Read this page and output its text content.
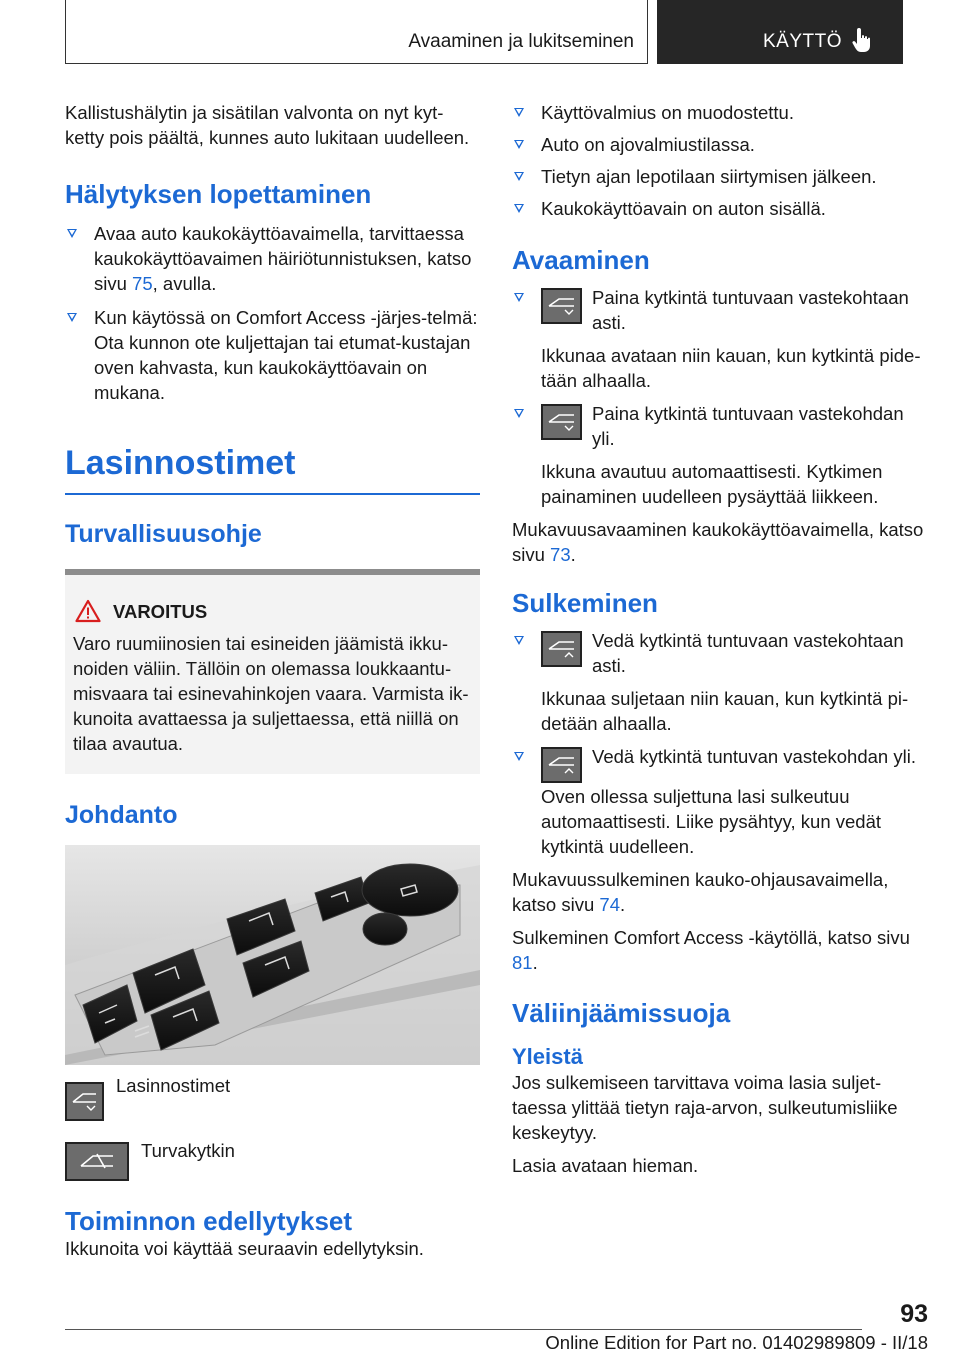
Avaaminen ja lukitseminen	KÄYTTÖ

Kallistushälytin ja sisätilan valvonta on nyt kyt-

ketty pois päältä, kunnes auto lukitaan uudelleen.

Hälytyksen lopettaminen

Avaa auto kaukokäyttöavaimella, tarvittaessa kaukokäyttöavaimen häiriötunnistuksen, katso sivu 75, avulla.
Kun käytössä on Comfort Access -järjes-telmä: Ota kunnon ote kuljettajan tai etumat-kustajan oven kahvasta, kun kaukokäyttöavain on mukana.

Lasinnostimet

Turvallisuusohje

VAROITUS

Varo ruumiinosien tai esineiden jäämistä ikku-noiden väliin. Tällöin on olemassa loukkaantu-misvaara tai esinevahinkojen vaara. Varmista ik-kunoita avattaessa ja suljettaessa, että niillä on tilaa avautua.

Johdanto

Lasinnostimet
Turvakytkin

Toiminnon edellytykset

Ikkunoita voi käyttää seuraavin edellytyksin.

Käyttövalmius on muodostettu.
Auto on ajovalmiustilassa.
Tietyn ajan lepotilaan siirtymisen jälkeen.
Kaukokäyttöavain on auton sisällä.

Avaaminen

Paina kytkintä tuntuvaan vastekohtaan asti.

Ikkunaa avataan niin kauan, kun kytkintä pide-tään alhaalla.

Paina kytkintä tuntuvaan vastekohdan yli.

Ikkuna avautuu automaattisesti. Kytkimen painaminen uudelleen pysäyttää liikkeen.

Mukavuusavaaminen kaukokäyttöavaimella, katso sivu 73.

Sulkeminen

Vedä kytkintä tuntuvaan vastekohtaan asti.

Ikkunaa suljetaan niin kauan, kun kytkintä pi-detään alhaalla.

Vedä kytkintä tuntuvan vastekohdan yli.

Oven ollessa suljettuna lasi sulkeutuu automaattisesti. Liike pysähtyy, kun vedät kytkintä uudelleen.

Mukavuussulkeminen kauko-ohjausavaimella, katso sivu 74.

Sulkeminen Comfort Access -käytöllä, katso sivu 81.

Väliinjäämissuoja

Yleistä

Jos sulkemiseen tarvittava voima lasia suljet-taessa ylittää tietyn raja-arvon, sulkeutumisliike keskeytyy.

Lasia avataan hieman.

93
Online Edition for Part no. 01402989809 - II/18
